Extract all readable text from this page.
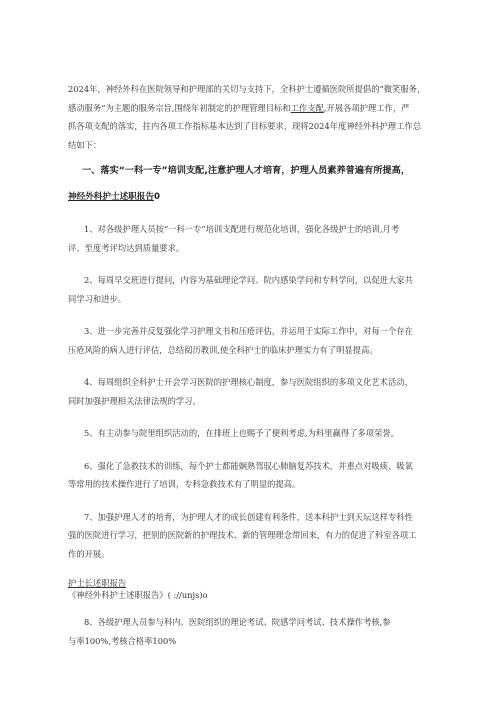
2024年，神经外科在医院领导和护理部的关切与支持下，全科护士遵循医院所提倡的“微笑服务，
感动服务”为主题的服务宗旨,围绕年初制定的护理管理目标和工作支配,开展各项护理工作，严
抓各项支配的落实，拄内各项工作指标基本达到了目标要求，现将2024年度神经外科护理工作总
结如下：
一、落实“一科一专”培训支配,注意护理人才培育，护理人员素养普遍有所提高，
神经外科护士述职报告0
1、对各级护理人员按“一科一专”培训支配进行规范化培训，强化各级护士的培训,月考
评、至度考评均达到质量要求。
2、每周早交班进行提问，内容为基础理论学问、院内感染学问和专科学问，以促进大家共
同学习和进步。
3、进一步完善并反复强化学习护理文书和压疮评估，并运用于实际工作中，对每一个存在
压疮风险的病人进行评估，总结阅历教训,使全科护士的临床护理实力有了明显提高。
4、每周组织全科护士开会学习医院的护理核心制度，参与医院组织的多项文化艺术活动，
同时加强护理相关法律法规的学习。
5、有主动参与院里组织活动的，在排班上也赐予了便利考虑,为科里赢得了多项荣誉。
6、强化了急救技术的训练，每个护士都能娴熟驾驭心肺脑复苏技术，并重点对吸痰、吸氧
等常用的技术操作进行了培训，专科急救技术有了明显的提高。
7、加强护理人才的培育，为护理人才的成长创建有利条件，送本科护士到天坛这样专科性
强的医院进行学习，把别的医院新的护理技术、新的管理理念带回来，有力的促进了科室各项工
作的开展。
护士长述职报告
《神经外科护士述职报告》( ://unjs)o
8、各级护理人员参与科内、医院组织的理论考试、院感学问考试、技术操作考核,参
与率100%,考核合格率100%
